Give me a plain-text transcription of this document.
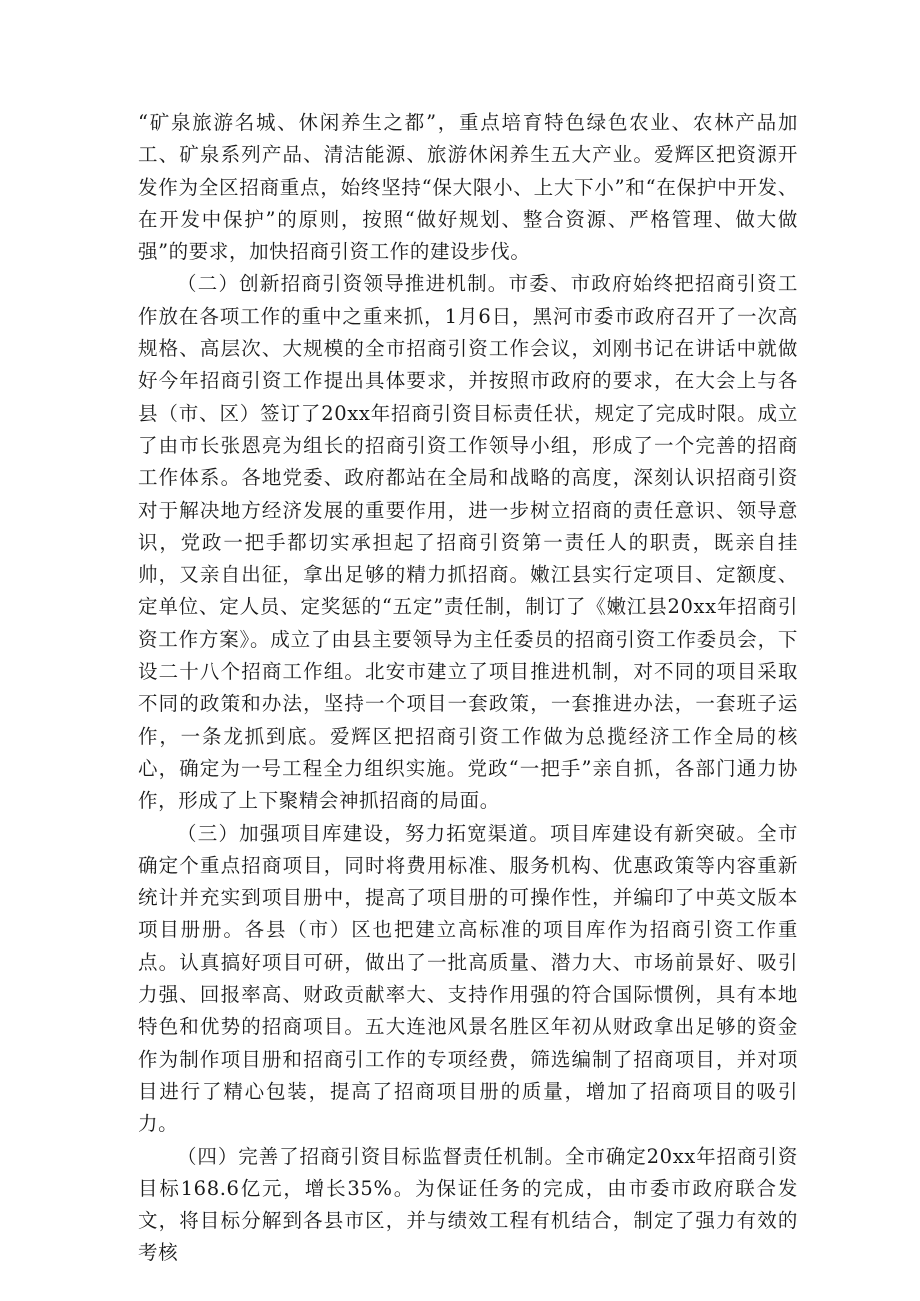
“矿泉旅游名城、休闲养生之都”，重点培育特色绿色农业、农林产品加工、矿泉系列产品、清洁能源、旅游休闲养生五大产业。爱辉区把资源开发作为全区招商重点，始终坚持“保大限小、上大下小”和“在保护中开发、在开发中保护”的原则，按照“做好规划、整合资源、严格管理、做大做强”的要求，加快招商引资工作的建设步伐。

（二）创新招商引资领导推进机制。市委、市政府始终把招商引资工作放在各项工作的重中之重来抓，1月6日，黑河市委市政府召开了一次高规格、高层次、大规模的全市招商引资工作会议，刘刚书记在讲话中就做好今年招商引资工作提出具体要求，并按照市政府的要求，在大会上与各县（市、区）签订了20xx年招商引资目标责任状，规定了完成时限。成立了由市长张恩亮为组长的招商引资工作领导小组，形成了一个完善的招商工作体系。各地党委、政府都站在全局和战略的高度，深刻认识招商引资对于解决地方经济发展的重要作用，进一步树立招商的责任意识、领导意识，党政一把手都切实承担起了招商引资第一责任人的职责，既亲自挂帅，又亲自出征，拿出足够的精力抓招商。嫩江县实行定项目、定额度、定单位、定人员、定奖惩的“五定”责任制，制订了《嫩江县20xx年招商引资工作方案》。成立了由县主要领导为主任委员的招商引资工作委员会，下设二十八个招商工作组。北安市建立了项目推进机制，对不同的项目采取不同的政策和办法，坚持一个项目一套政策，一套推进办法，一套班子运作，一条龙抓到底。爱辉区把招商引资工作做为总揽经济工作全局的核心，确定为一号工程全力组织实施。党政“一把手”亲自抓，各部门通力协作，形成了上下聚精会神抓招商的局面。

（三）加强项目库建设，努力拓宽渠道。项目库建设有新突破。全市确定个重点招商项目，同时将费用标准、服务机构、优惠政策等内容重新统计并充实到项目册中，提高了项目册的可操作性，并编印了中英文版本项目册册。各县（市）区也把建立高标准的项目库作为招商引资工作重点。认真搞好项目可研，做出了一批高质量、潜力大、市场前景好、吸引力强、回报率高、财政贡献率大、支持作用强的符合国际惯例，具有本地特色和优势的招商项目。五大连池风景名胜区年初从财政拿出足够的资金作为制作项目册和招商引工作的专项经费，筛选编制了招商项目，并对项目进行了精心包装，提高了招商项目册的质量，增加了招商项目的吸引力。

（四）完善了招商引资目标监督责任机制。全市确定20xx年招商引资目标168.6亿元，增长35%。为保证任务的完成，由市委市政府联合发文，将目标分解到各县市区，并与绩效工程有机结合，制定了强力有效的考核
